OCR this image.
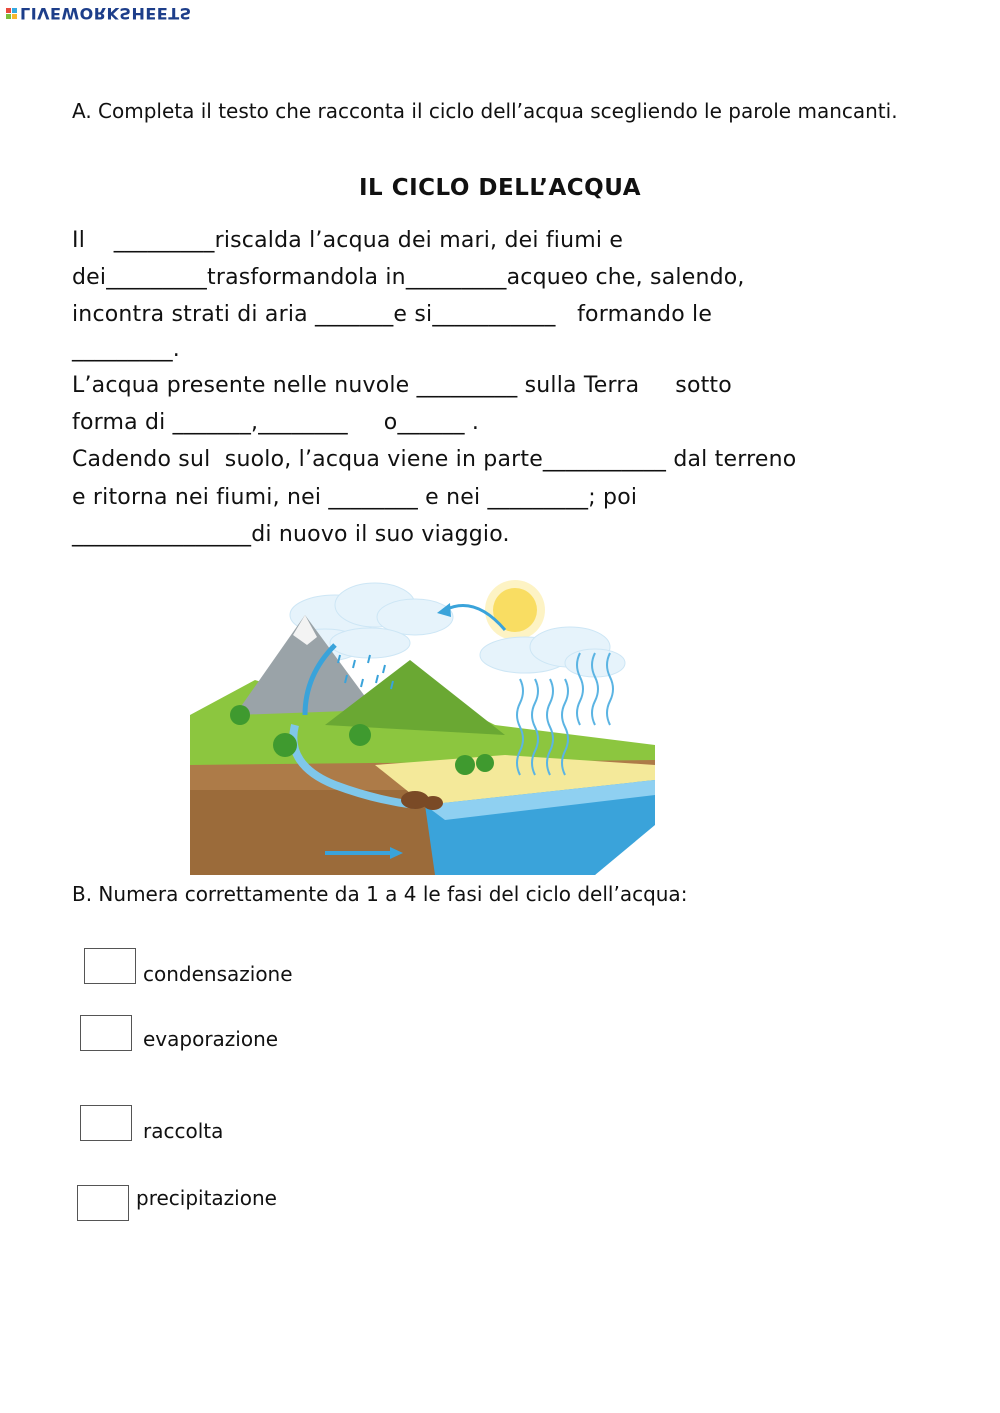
LIVEWORKSHEETS
A. Completa il testo che racconta il ciclo dell’acqua scegliendo le parole mancanti.
IL CICLO DELL’ACQUA
Il    _________riscalda l’acqua dei mari, dei fiumi e
dei_________trasformandola in_________acqueo che, salendo,
incontra strati di aria _______e si___________   formando le
_________.
L’acqua presente nelle nuvole _________ sulla Terra     sotto
forma di _______,________     o______ .
Cadendo sul  suolo, l’acqua viene in parte___________ dal terreno
e ritorna nei fiumi, nei ________ e nei _________; poi
________________di nuovo il suo viaggio.
B. Numera correttamente da 1 a 4 le fasi del ciclo dell’acqua:
condensazione
evaporazione
raccolta
precipitazione
